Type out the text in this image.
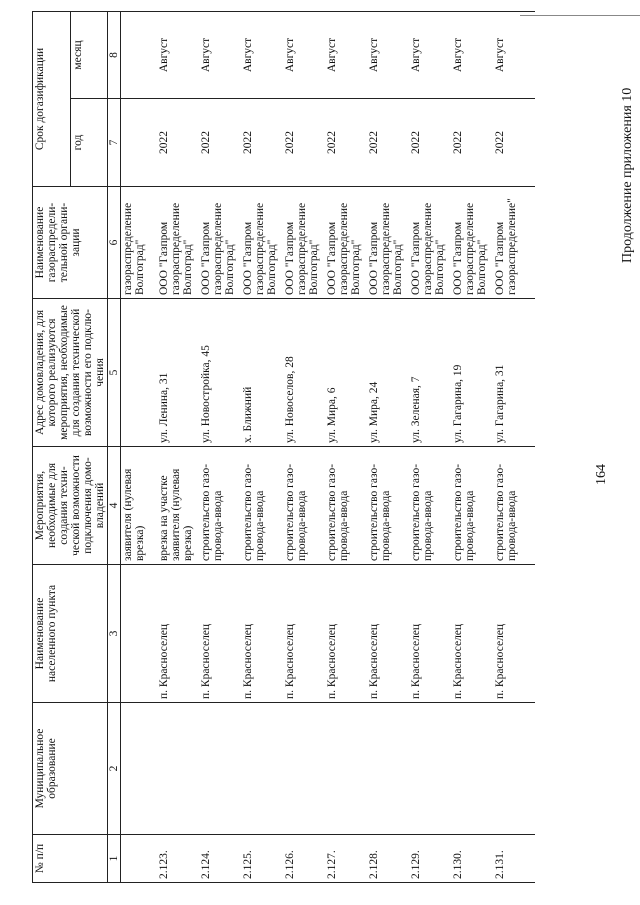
164
Продолжение приложения 10
№ п/п	Муниципальное образование	Наименование населенного пункта	Мероприятия, необходимые для создания техни-ческой возможности подключения домо-владений	Адрес домовладения, для которого реализуются мероприятия, необходимые для создания технической возможности его подклю-чения	Наименование газораспредели-тельной органи-зации	Срок догазификации	
						год	месяц
1	2	3	4	5	6	7	8
			заявителя (нулевая врезка)		газораспределение Волгоград"		
2.123.		п. Красноселец	врезка на участке заявителя (нулевая врезка)	ул. Ленина, 31	ООО "Газпром газораспределение Волгоград"	2022	Август
2.124.		п. Красноселец	строительство газо-провода-ввода	ул. Новостройка, 45	ООО "Газпром газораспределение Волгоград"	2022	Август
2.125.		п. Красноселец	строительство газо-провода-ввода	х. Ближний	ООО "Газпром газораспределение Волгоград"	2022	Август
2.126.		п. Красноселец	строительство газо-провода-ввода	ул. Новоселов, 28	ООО "Газпром газораспределение Волгоград"	2022	Август
2.127.		п. Красноселец	строительство газо-провода-ввода	ул. Мира, 6	ООО "Газпром газораспределение Волгоград"	2022	Август
2.128.		п. Красноселец	строительство газо-провода-ввода	ул. Мира, 24	ООО "Газпром газораспределение Волгоград"	2022	Август
2.129.		п. Красноселец	строительство газо-провода-ввода	ул. Зеленая, 7	ООО "Газпром газораспределение Волгоград"	2022	Август
2.130.		п. Красноселец	строительство газо-провода-ввода	ул. Гагарина, 19	ООО "Газпром газораспределение Волгоград"	2022	Август
2.131.		п. Красноселец	строительство газо-провода-ввода	ул. Гагарина, 31	ООО "Газпром газораспределение"	2022	Август
